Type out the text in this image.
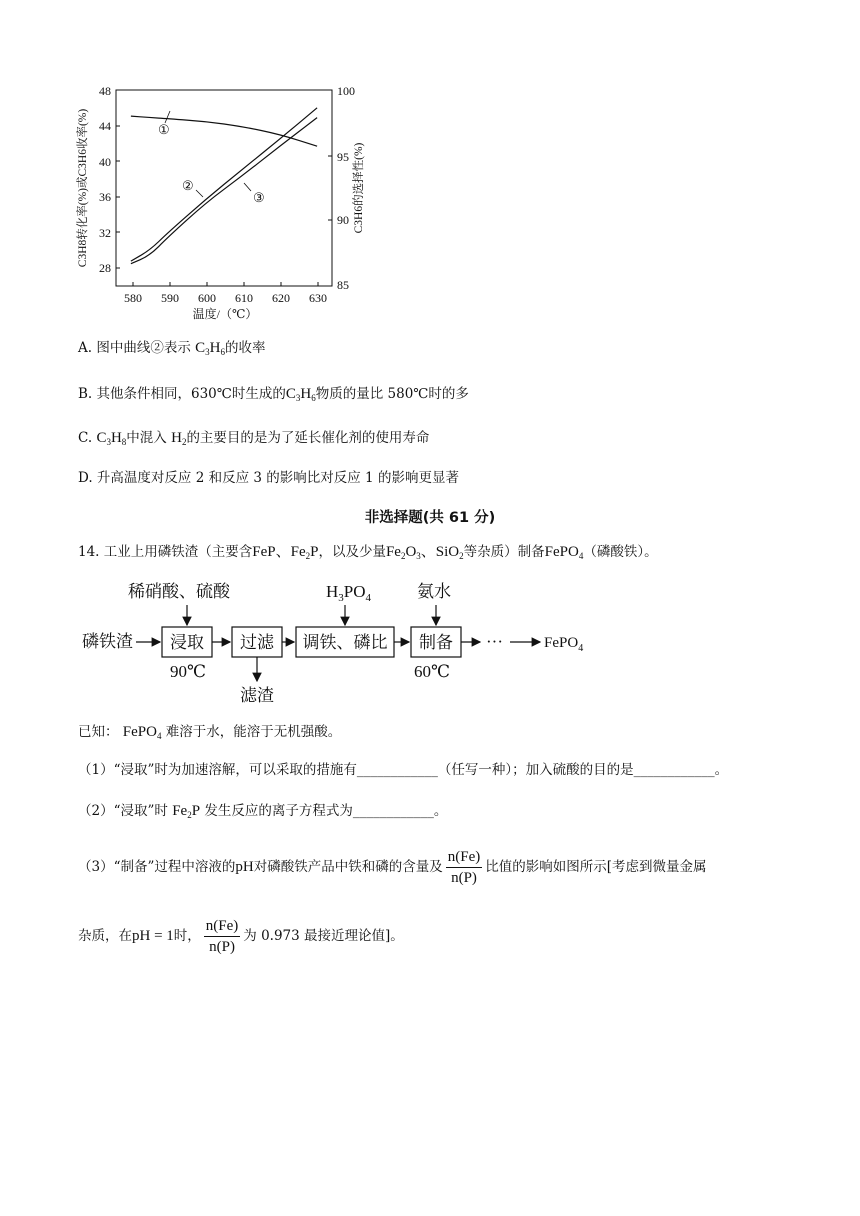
48
44
40
36
32
28
100
95
90
85
580 590 600 610 620 630
温度/（℃）
C3H8转化率(%)或C3H6收率(%)	C3H6的选择性(%)
①
②
③
A. 图中曲线②表示 $C_3H_6$的收率
B. 其他条件相同，630℃时生成的$C_3H_6$物质的量比 580℃时的多
C. $C_3H_8$中混入 $H_2$的主要目的是为了延长催化剂的使用寿命
D. 升高温度对反应 2 和反应 3 的影响比对反应 1 的影响更显著
非选择题(共 61 分)
14. 工业上用磷铁渣（主要含FeP、$Fe_2P$，以及少量$Fe_2O_3$、SiO$_2$等杂质）制备FePO$_4$（磷酸铁）。
磷铁渣
稀硝酸、硫酸
90℃
滤渣
$H_3PO_4$	氨水
60℃
···	FePO$_4$
浸取 过滤 调铁、磷比 制备
已知： FePO$_4$ 难溶于水，能溶于无机强酸。
（1）“浸取”时为加速溶解，可以采取的措施有____________（任写一种）；加入硫酸的目的是____________。
（2）“浸取”时 $Fe_2P$ 发生反应的离子方程式为____________。
（3）“制备”过程中溶液的pH对磷酸铁产品中铁和磷的含量及 $\frac{n(Fe)}{n(P)}$ 比值的影响如图所示[考虑到微量金属
杂质，在pH = 1时， $\frac{n(Fe)}{n(P)}$ 为 0.973 最接近理论值]。
